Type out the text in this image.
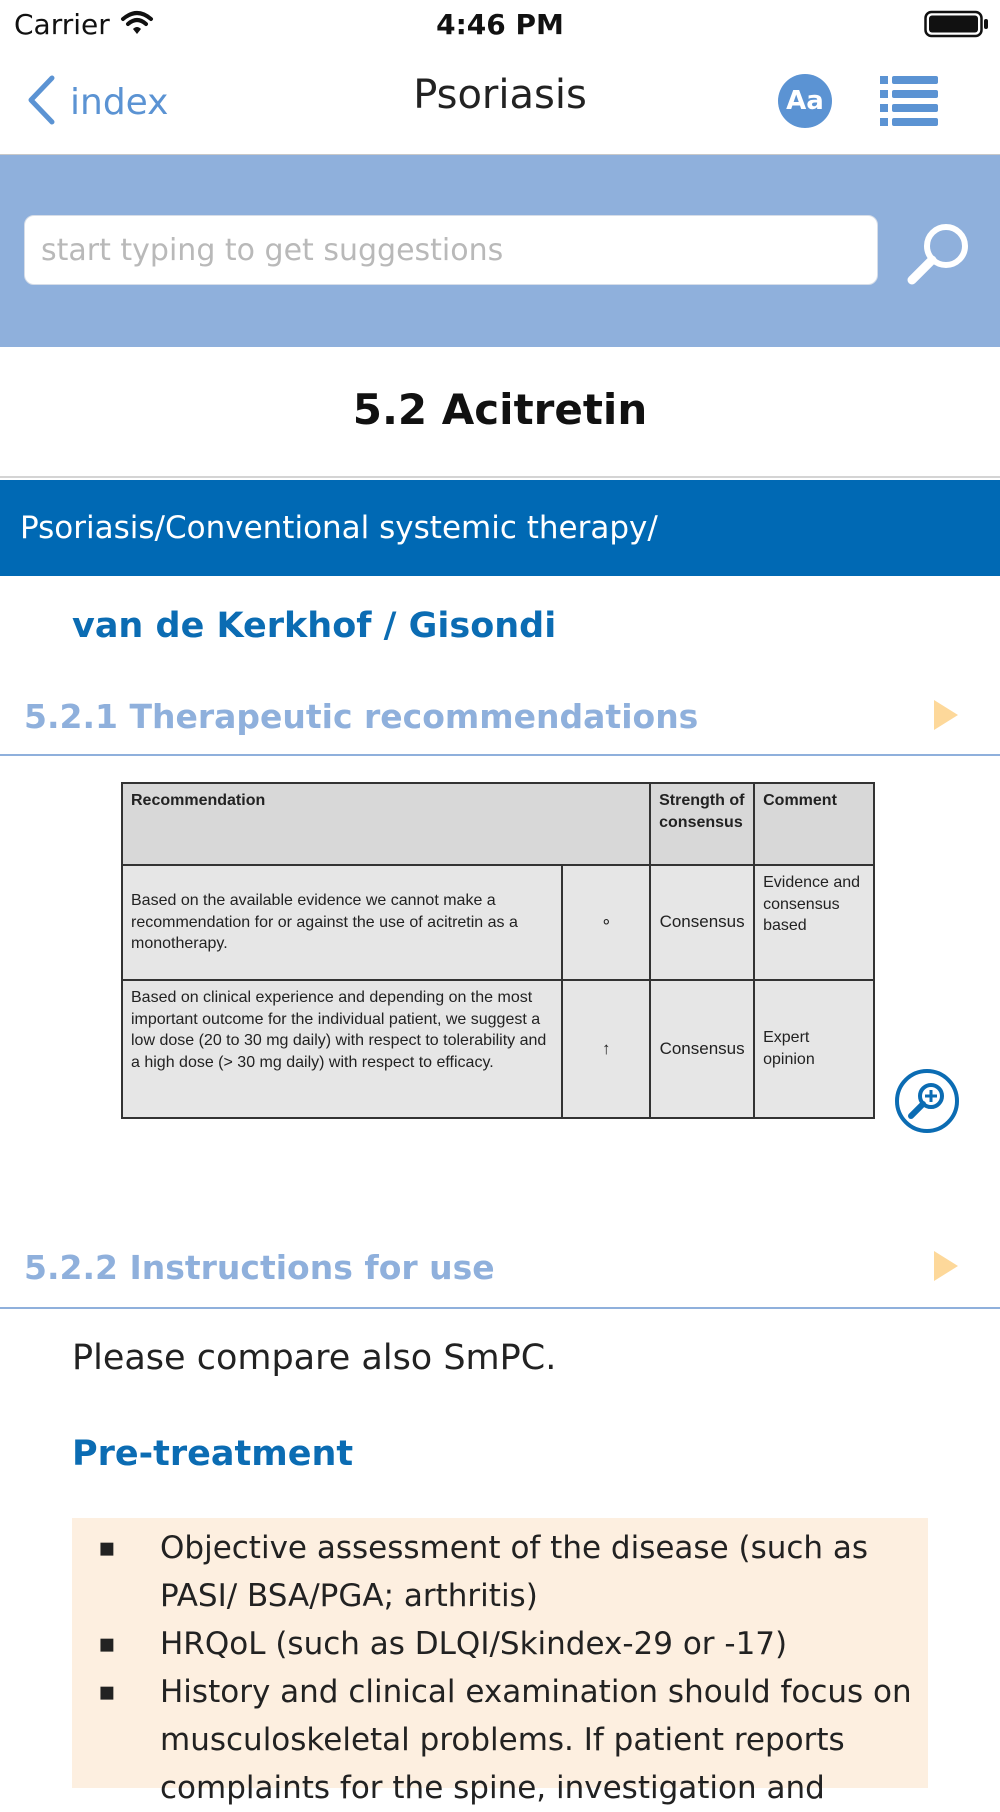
Carrier	4:46 PM
index	Psoriasis	Aa
start typing to get suggestions
5.2 Acitretin
Psoriasis/Conventional systemic therapy/
van de Kerkhof / Gisondi
5.2.1 Therapeutic recommendations
Recommendation		Strength of consensus	Comment
Based on the available evidence we cannot make a recommendation for or against the use of acitretin as a monotherapy.	∘	Consensus	Evidence and consensus based
Based on clinical experience and depending on the most important outcome for the individual patient, we suggest a low dose (20 to 30 mg daily) with respect to tolerability and a high dose (> 30 mg daily) with respect to efficacy.	↑	Consensus	Expert opinion
5.2.2 Instructions for use
Please compare also SmPC.
Pre-treatment
▪ Objective assessment of the disease (such as PASI/ BSA/PGA; arthritis)
▪ HRQoL (such as DLQI/Skindex-29 or -17)
▪ History and clinical examination should focus on musculoskeletal problems. If patient reports complaints for the spine, investigation and
